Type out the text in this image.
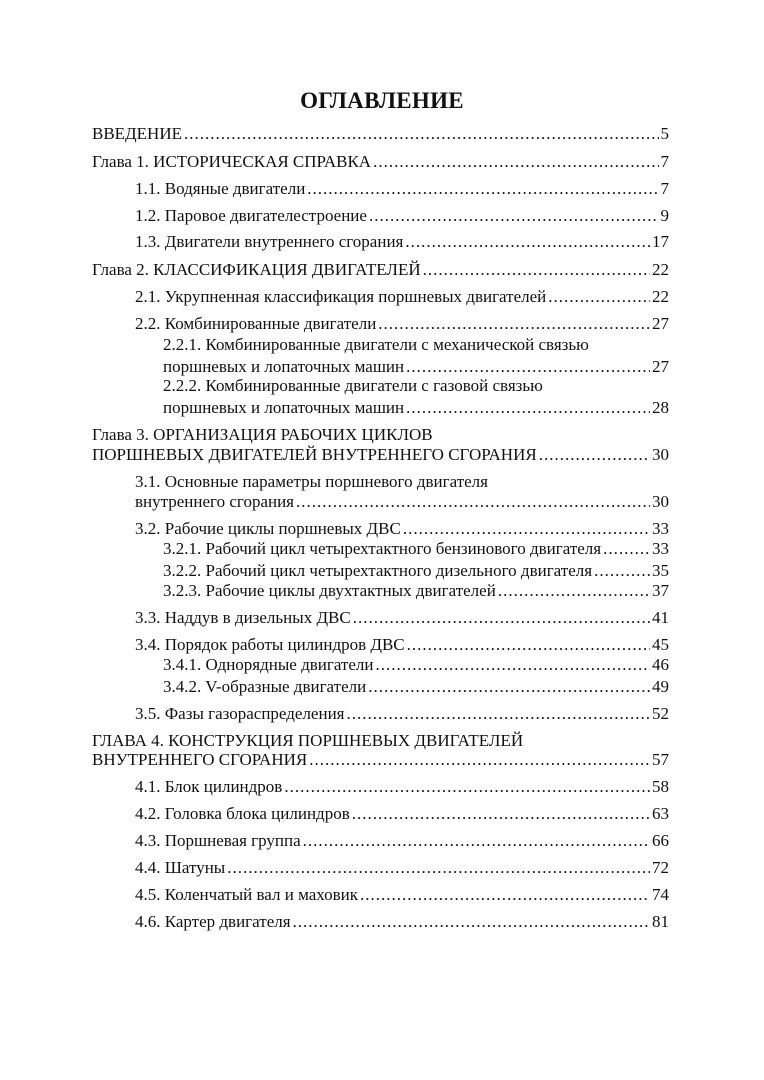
ОГЛАВЛЕНИЕ
ВВЕДЕНИЕ .....	5
Глава 1. ИСТОРИЧЕСКАЯ СПРАВКА .....	7
1.1. Водяные двигатели .....	7
1.2. Паровое двигателестроение .....	9
1.3. Двигатели внутреннего сгорания .....	17
Глава 2. КЛАССИФИКАЦИЯ ДВИГАТЕЛЕЙ .....	22
2.1. Укрупненная классификация поршневых двигателей .....	22
2.2. Комбинированные двигатели .....	27
2.2.1. Комбинированные двигатели с механической связью
поршневых и лопаточных машин .....	27
2.2.2. Комбинированные двигатели с газовой связью
поршневых и лопаточных машин .....	28
Глава 3. ОРГАНИЗАЦИЯ РАБОЧИХ ЦИКЛОВ
ПОРШНЕВЫХ ДВИГАТЕЛЕЙ ВНУТРЕННЕГО СГОРАНИЯ .....	30
3.1. Основные параметры поршневого двигателя
внутреннего сгорания .....	30
3.2. Рабочие циклы поршневых ДВС .....	33
3.2.1. Рабочий цикл четырехтактного бензинового двигателя .....	33
3.2.2. Рабочий цикл четырехтактного дизельного двигателя .....	35
3.2.3. Рабочие циклы двухтактных двигателей .....	37
3.3. Наддув в дизельных ДВС .....	41
3.4. Порядок работы цилиндров ДВС .....	45
3.4.1. Однорядные двигатели .....	46
3.4.2. V-образные двигатели .....	49
3.5. Фазы газораспределения .....	52
ГЛАВА 4. КОНСТРУКЦИЯ ПОРШНЕВЫХ ДВИГАТЕЛЕЙ
ВНУТРЕННЕГО СГОРАНИЯ .....	57
4.1. Блок цилиндров .....	58
4.2. Головка блока цилиндров .....	63
4.3. Поршневая группа .....	66
4.4. Шатуны .....	72
4.5. Коленчатый вал и маховик .....	74
4.6. Картер двигателя .....	81
